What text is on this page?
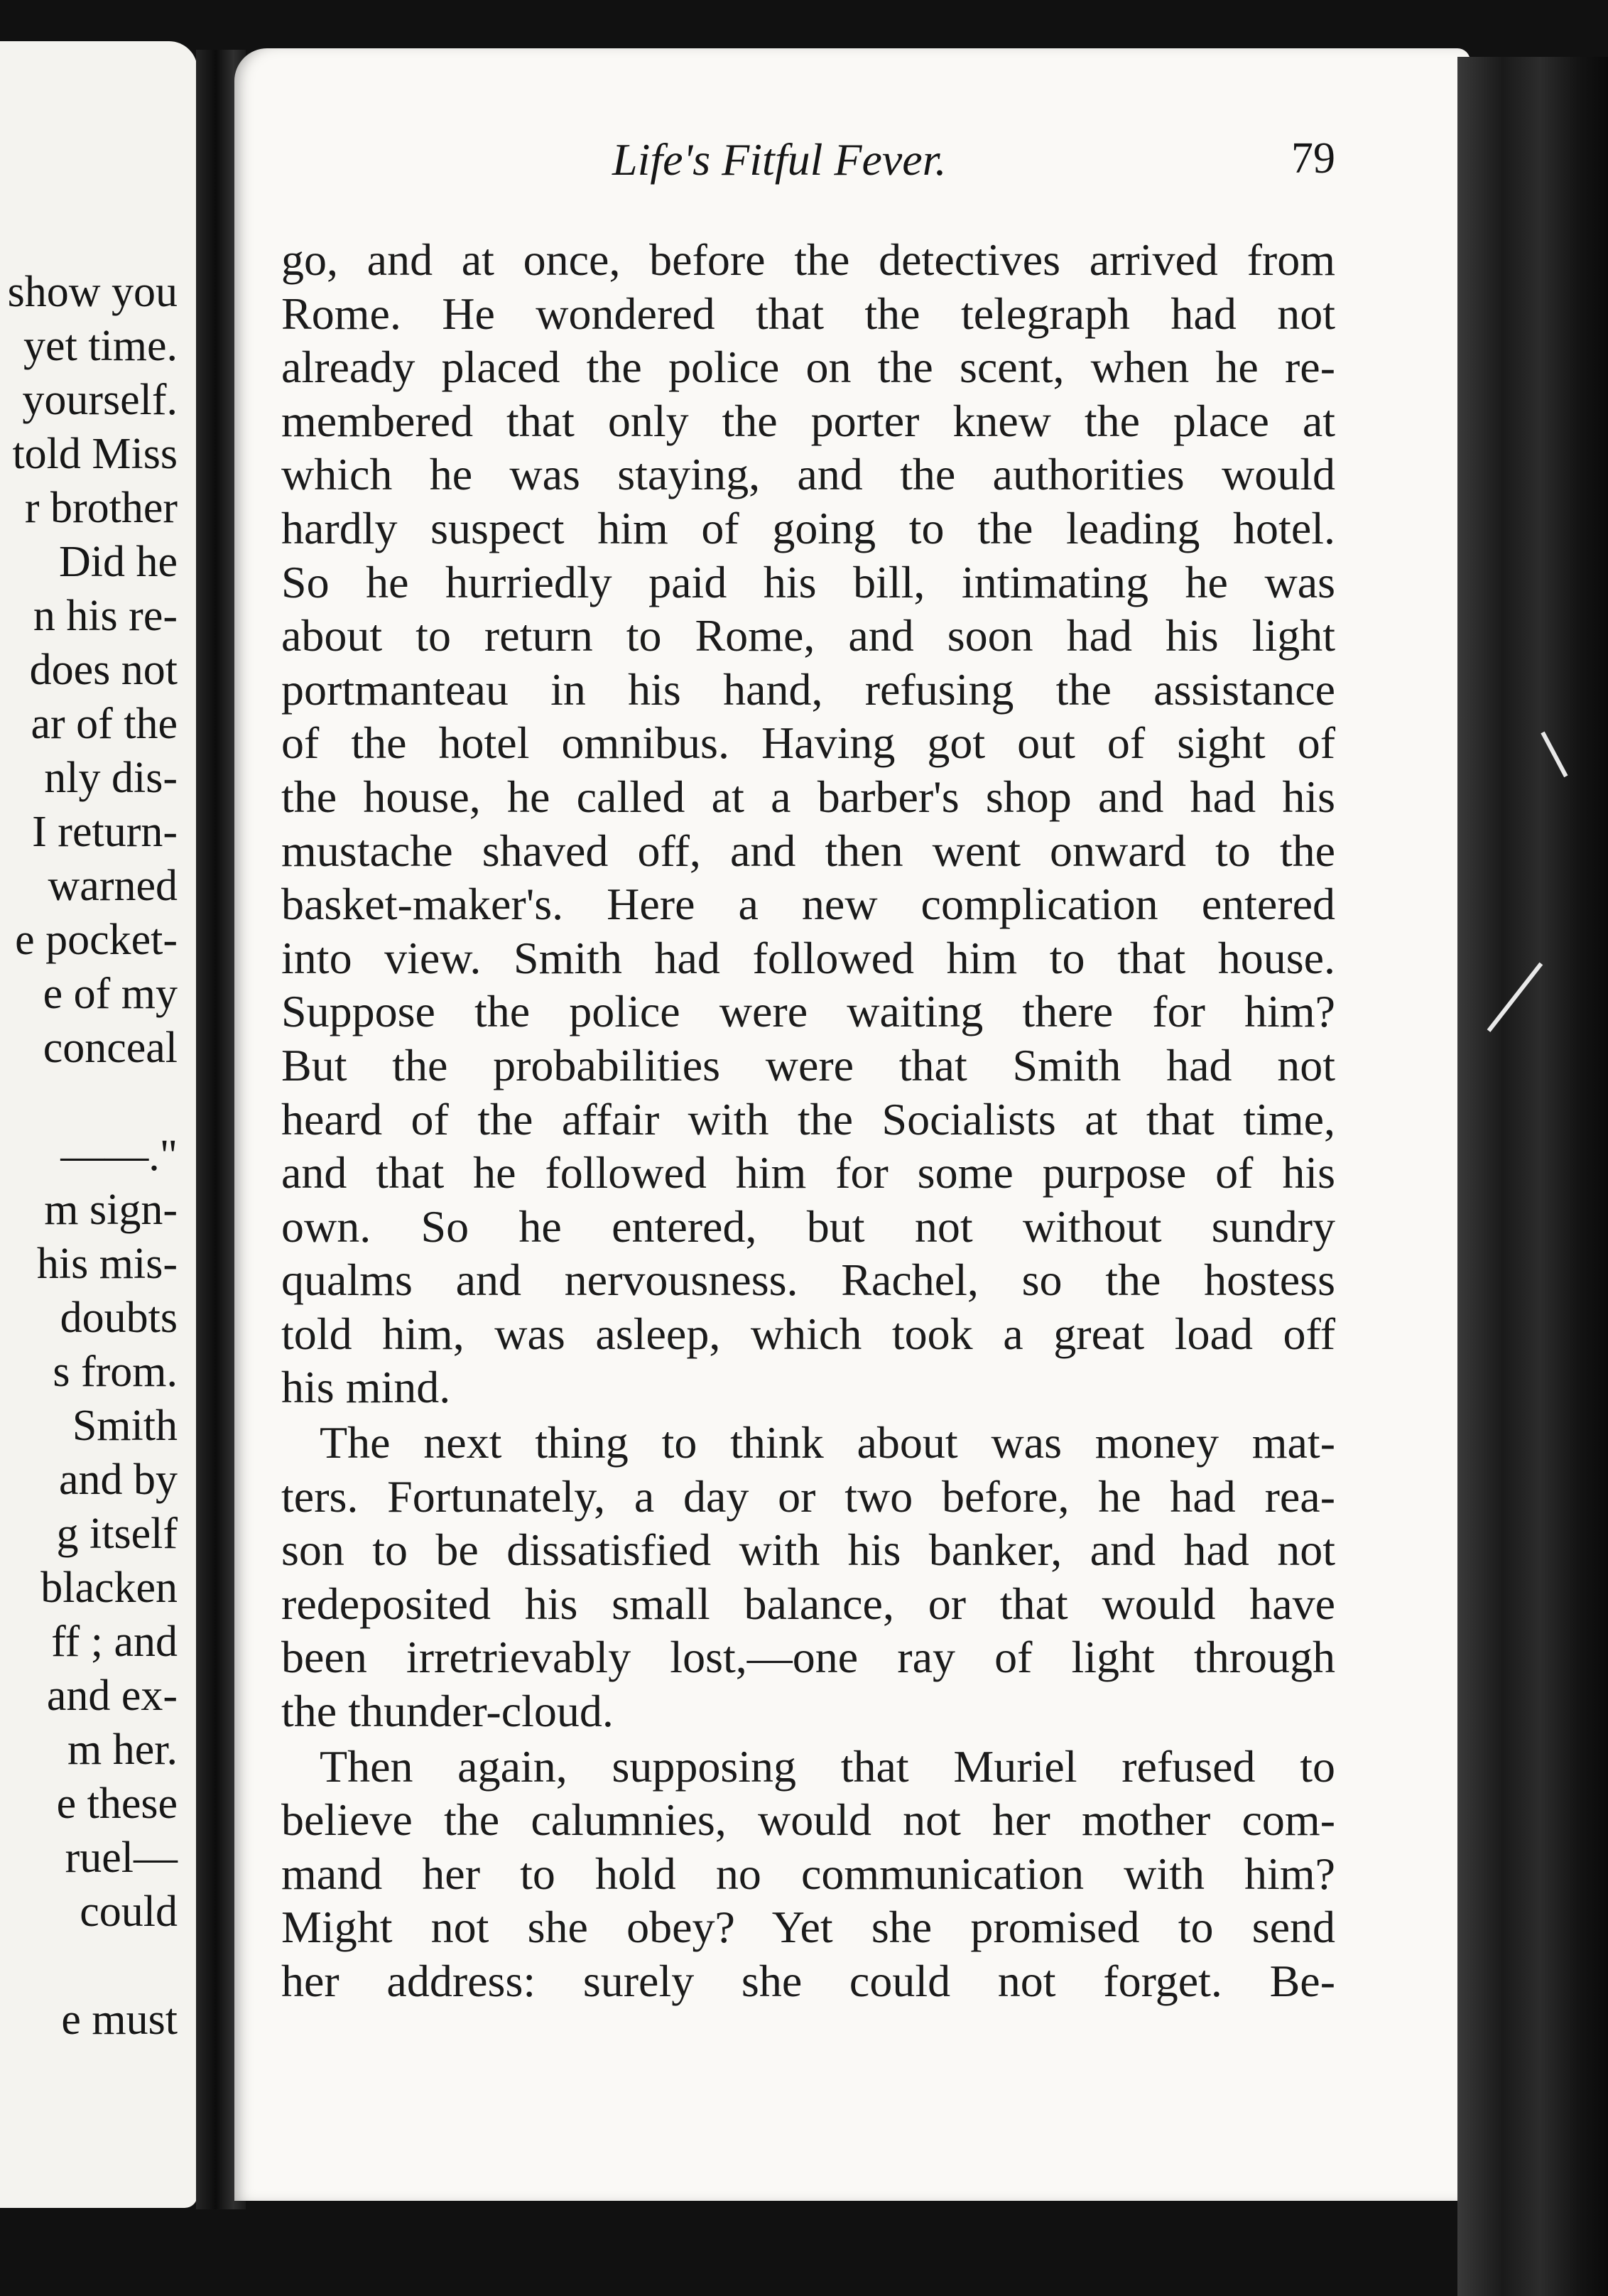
show you
yet time.
yourself.
told Miss
r brother
Did he
n his re-
does not
ar of the
nly dis-
I return-
warned
e pocket-
e of my
conceal
——."
m sign-
his mis-
doubts
s from.
Smith
and by
g itself
blacken
ff ; and
and ex-
m her.
e these
ruel—
could
e must
Life's Fitful Fever.	79
go, and at once, before the detectives arrived from
Rome. He wondered that the telegraph had not
already placed the police on the scent, when he re-
membered that only the porter knew the place at
which he was staying, and the authorities would
hardly suspect him of going to the leading hotel.
So he hurriedly paid his bill, intimating he was
about to return to Rome, and soon had his light
portmanteau in his hand, refusing the assistance
of the hotel omnibus. Having got out of sight of
the house, he called at a barber's shop and had his
mustache shaved off, and then went onward to the
basket-maker's. Here a new complication entered
into view. Smith had followed him to that house.
Suppose the police were waiting there for him?
But the probabilities were that Smith had not
heard of the affair with the Socialists at that time,
and that he followed him for some purpose of his
own. So he entered, but not without sundry
qualms and nervousness. Rachel, so the hostess
told him, was asleep, which took a great load off
his mind.
The next thing to think about was money mat-
ters. Fortunately, a day or two before, he had rea-
son to be dissatisfied with his banker, and had not
redeposited his small balance, or that would have
been irretrievably lost,—one ray of light through
the thunder-cloud.
Then again, supposing that Muriel refused to
believe the calumnies, would not her mother com-
mand her to hold no communication with him?
Might not she obey? Yet she promised to send
her address: surely she could not forget. Be-
